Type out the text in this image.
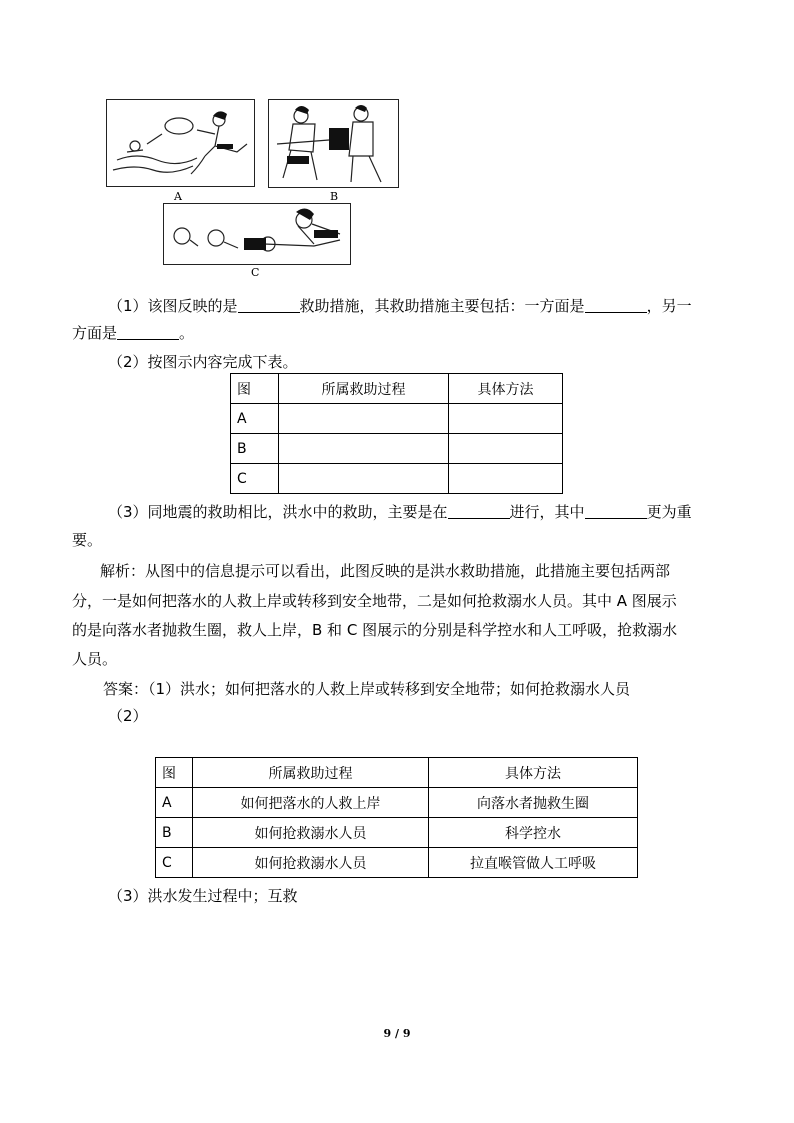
A	B
C
（1）该图反映的是	救助措施，其救助措施主要包括：一方面是	，另一
方面是	。
（2）按图示内容完成下表。
图	所属救助过程	具体方法
A		
B		
C		
（3）同地震的救助相比，洪水中的救助，主要是在	进行，其中	更为重
要。
解析：从图中的信息提示可以看出，此图反映的是洪水救助措施，此措施主要包括两部
分，一是如何把落水的人救上岸或转移到安全地带，二是如何抢救溺水人员。其中 A 图展示
的是向落水者抛救生圈，救人上岸，B 和 C 图展示的分别是科学控水和人工呼吸，抢救溺水
人员。
答案：（1）洪水；如何把落水的人救上岸或转移到安全地带；如何抢救溺水人员
（2）
图	所属救助过程	具体方法
A	如何把落水的人救上岸	向落水者抛救生圈
B	如何抢救溺水人员	科学控水
C	如何抢救溺水人员	拉直喉管做人工呼吸
（3）洪水发生过程中；互救
9 / 9
